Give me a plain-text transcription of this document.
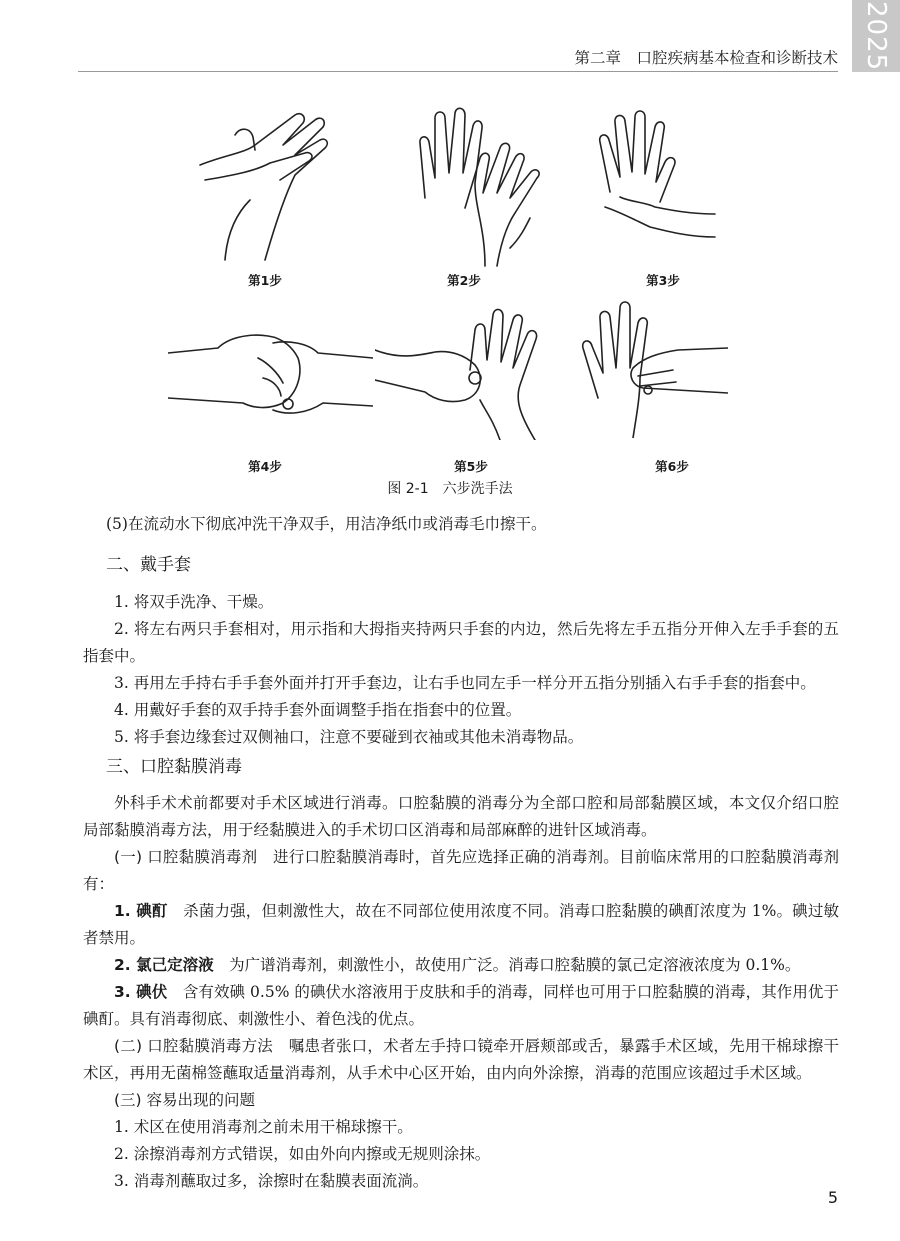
2025
第二章　口腔疾病基本检查和诊断技术
第1步	第2步	第3步
第4步	第5步	第6步
图 2-1　六步洗手法
(5)在流动水下彻底冲洗干净双手，用洁净纸巾或消毒毛巾擦干。
二、戴手套
1. 将双手洗净、干燥。
2. 将左右两只手套相对，用示指和大拇指夹持两只手套的内边，然后先将左手五指分开伸入左手手套的五指套中。
3. 再用左手持右手手套外面并打开手套边，让右手也同左手一样分开五指分别插入右手手套的指套中。
4. 用戴好手套的双手持手套外面调整手指在指套中的位置。
5. 将手套边缘套过双侧袖口，注意不要碰到衣袖或其他未消毒物品。
三、口腔黏膜消毒
外科手术术前都要对手术区域进行消毒。口腔黏膜的消毒分为全部口腔和局部黏膜区域，本文仅介绍口腔局部黏膜消毒方法，用于经黏膜进入的手术切口区消毒和局部麻醉的进针区域消毒。
(一) 口腔黏膜消毒剂　进行口腔黏膜消毒时，首先应选择正确的消毒剂。目前临床常用的口腔黏膜消毒剂有：
1. 碘酊　杀菌力强，但刺激性大，故在不同部位使用浓度不同。消毒口腔黏膜的碘酊浓度为 1%。碘过敏者禁用。
2. 氯己定溶液　为广谱消毒剂，刺激性小，故使用广泛。消毒口腔黏膜的氯己定溶液浓度为 0.1%。
3. 碘伏　含有效碘 0.5% 的碘伏水溶液用于皮肤和手的消毒，同样也可用于口腔黏膜的消毒，其作用优于碘酊。具有消毒彻底、刺激性小、着色浅的优点。
(二) 口腔黏膜消毒方法　嘱患者张口，术者左手持口镜牵开唇颊部或舌，暴露手术区域，先用干棉球擦干术区，再用无菌棉签蘸取适量消毒剂，从手术中心区开始，由内向外涂擦，消毒的范围应该超过手术区域。
(三) 容易出现的问题
1. 术区在使用消毒剂之前未用干棉球擦干。
2. 涂擦消毒剂方式错误，如由外向内擦或无规则涂抹。
3. 消毒剂蘸取过多，涂擦时在黏膜表面流淌。
5
